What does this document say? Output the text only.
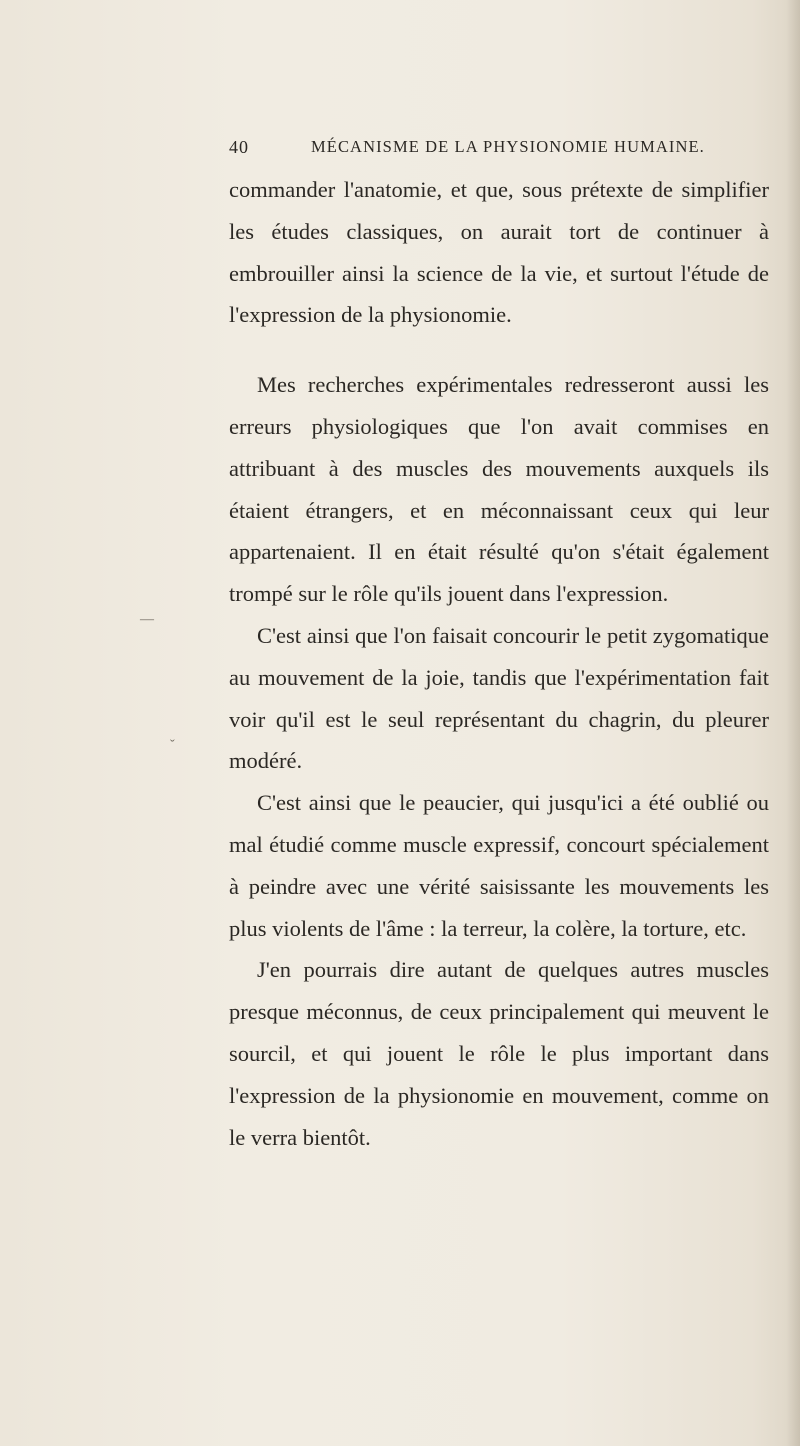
40	MÉCANISME DE LA PHYSIONOMIE HUMAINE.

commander l'anatomie, et que, sous prétexte de simplifier les études classiques, on aurait tort de continuer à embrouiller ainsi la science de la vie, et surtout l'étude de l'expression de la physionomie.

Mes recherches expérimentales redresseront aussi les erreurs physiologiques que l'on avait commises en attribuant à des muscles des mouvements auxquels ils étaient étrangers, et en méconnaissant ceux qui leur appartenaient. Il en était résulté qu'on s'était également trompé sur le rôle qu'ils jouent dans l'expression.

C'est ainsi que l'on faisait concourir le petit zygomatique au mouvement de la joie, tandis que l'expérimentation fait voir qu'il est le seul représentant du chagrin, du pleurer modéré.

C'est ainsi que le peaucier, qui jusqu'ici a été oublié ou mal étudié comme muscle expressif, concourt spécialement à peindre avec une vérité saisissante les mouvements les plus violents de l'âme : la terreur, la colère, la torture, etc.

J'en pourrais dire autant de quelques autres muscles presque méconnus, de ceux principalement qui meuvent le sourcil, et qui jouent le rôle le plus important dans l'expression de la physionomie en mouvement, comme on le verra bientôt.

—
ˇ
